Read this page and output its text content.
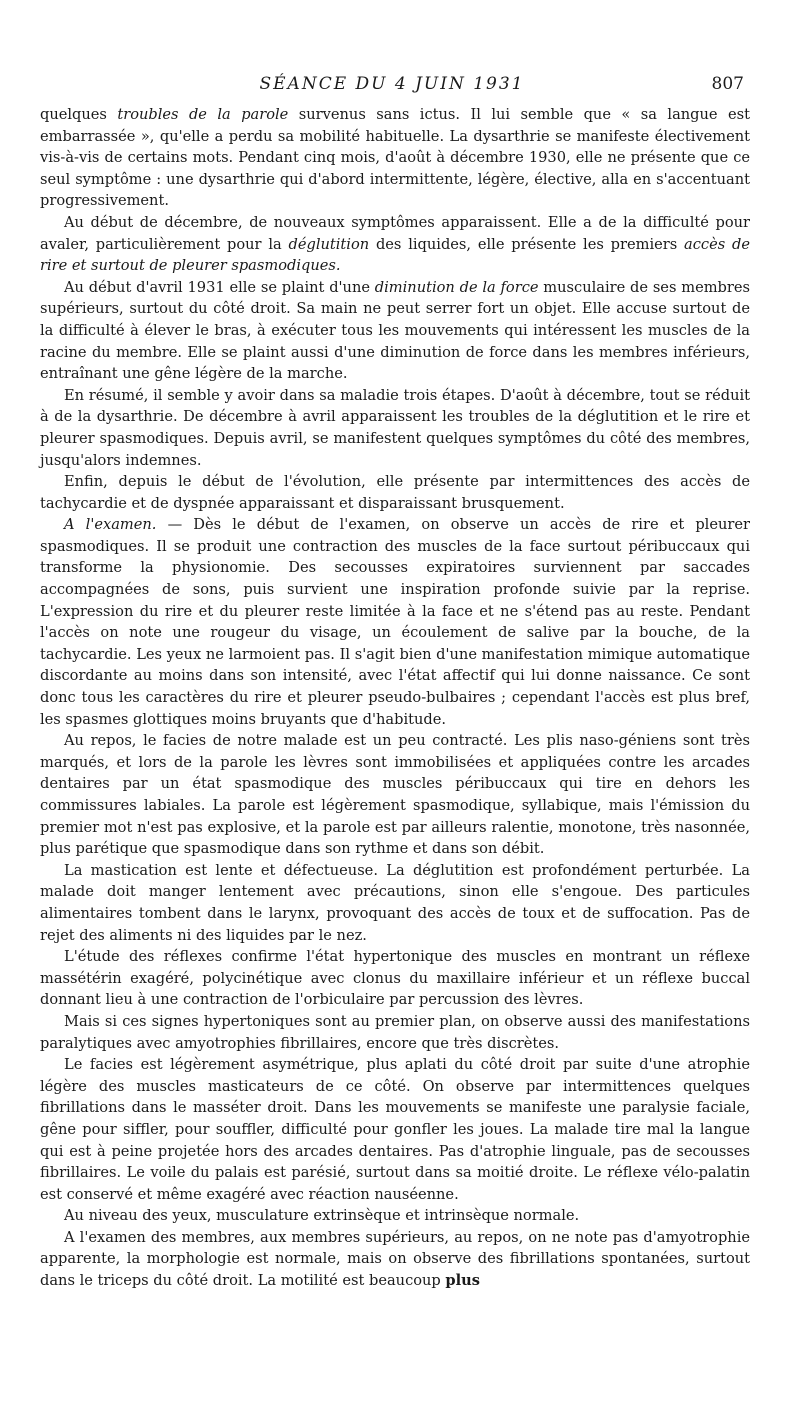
SÉANCE DU 4 JUIN 1931	807

quelques troubles de la parole survenus sans ictus. Il lui semble que « sa langue est embarrassée », qu'elle a perdu sa mobilité habituelle. La dysarthrie se manifeste électivement vis-à-vis de certains mots. Pendant cinq mois, d'août à décembre 1930, elle ne présente que ce seul symptôme : une dysarthrie qui d'abord intermittente, légère, élective, alla en s'accentuant progressivement.

Au début de décembre, de nouveaux symptômes apparaissent. Elle a de la difficulté pour avaler, particulièrement pour la déglutition des liquides, elle présente les premiers accès de rire et surtout de pleurer spasmodiques.

Au début d'avril 1931 elle se plaint d'une diminution de la force musculaire de ses membres supérieurs, surtout du côté droit. Sa main ne peut serrer fort un objet. Elle accuse surtout de la difficulté à élever le bras, à exécuter tous les mouvements qui intéressent les muscles de la racine du membre. Elle se plaint aussi d'une diminution de force dans les membres inférieurs, entraînant une gêne légère de la marche.

En résumé, il semble y avoir dans sa maladie trois étapes. D'août à décembre, tout se réduit à de la dysarthrie. De décembre à avril apparaissent les troubles de la déglutition et le rire et pleurer spasmodiques. Depuis avril, se manifestent quelques symptômes du côté des membres, jusqu'alors indemnes.

Enfin, depuis le début de l'évolution, elle présente par intermittences des accès de tachycardie et de dyspnée apparaissant et disparaissant brusquement.

A l'examen. — Dès le début de l'examen, on observe un accès de rire et pleurer spasmodiques. Il se produit une contraction des muscles de la face surtout péribuccaux qui transforme la physionomie. Des secousses expiratoires surviennent par saccades accompagnées de sons, puis survient une inspiration profonde suivie par la reprise. L'expression du rire et du pleurer reste limitée à la face et ne s'étend pas au reste. Pendant l'accès on note une rougeur du visage, un écoulement de salive par la bouche, de la tachycardie. Les yeux ne larmoient pas. Il s'agit bien d'une manifestation mimique automatique discordante au moins dans son intensité, avec l'état affectif qui lui donne naissance. Ce sont donc tous les caractères du rire et pleurer pseudo-bulbaires ; cependant l'accès est plus bref, les spasmes glottiques moins bruyants que d'habitude.

Au repos, le facies de notre malade est un peu contracté. Les plis naso-géniens sont très marqués, et lors de la parole les lèvres sont immobilisées et appliquées contre les arcades dentaires par un état spasmodique des muscles péribuccaux qui tire en dehors les commissures labiales. La parole est légèrement spasmodique, syllabique, mais l'émission du premier mot n'est pas explosive, et la parole est par ailleurs ralentie, monotone, très nasonnée, plus parétique que spasmodique dans son rythme et dans son débit.

La mastication est lente et défectueuse. La déglutition est profondément perturbée. La malade doit manger lentement avec précautions, sinon elle s'engoue. Des particules alimentaires tombent dans le larynx, provoquant des accès de toux et de suffocation. Pas de rejet des aliments ni des liquides par le nez.

L'étude des réflexes confirme l'état hypertonique des muscles en montrant un réflexe massétérin exagéré, polycinétique avec clonus du maxillaire inférieur et un réflexe buccal donnant lieu à une contraction de l'orbiculaire par percussion des lèvres.

Mais si ces signes hypertoniques sont au premier plan, on observe aussi des manifestations paralytiques avec amyotrophies fibrillaires, encore que très discrètes.

Le facies est légèrement asymétrique, plus aplati du côté droit par suite d'une atrophie légère des muscles masticateurs de ce côté. On observe par intermittences quelques fibrillations dans le masséter droit. Dans les mouvements se manifeste une paralysie faciale, gêne pour siffler, pour souffler, difficulté pour gonfler les joues. La malade tire mal la langue qui est à peine projetée hors des arcades dentaires. Pas d'atrophie linguale, pas de secousses fibrillaires. Le voile du palais est parésié, surtout dans sa moitié droite. Le réflexe vélo-palatin est conservé et même exagéré avec réaction nauséenne.

Au niveau des yeux, musculature extrinsèque et intrinsèque normale.

A l'examen des membres, aux membres supérieurs, au repos, on ne note pas d'amyotrophie apparente, la morphologie est normale, mais on observe des fibrillations spontanées, surtout dans le triceps du côté droit. La motilité est beaucoup plus
